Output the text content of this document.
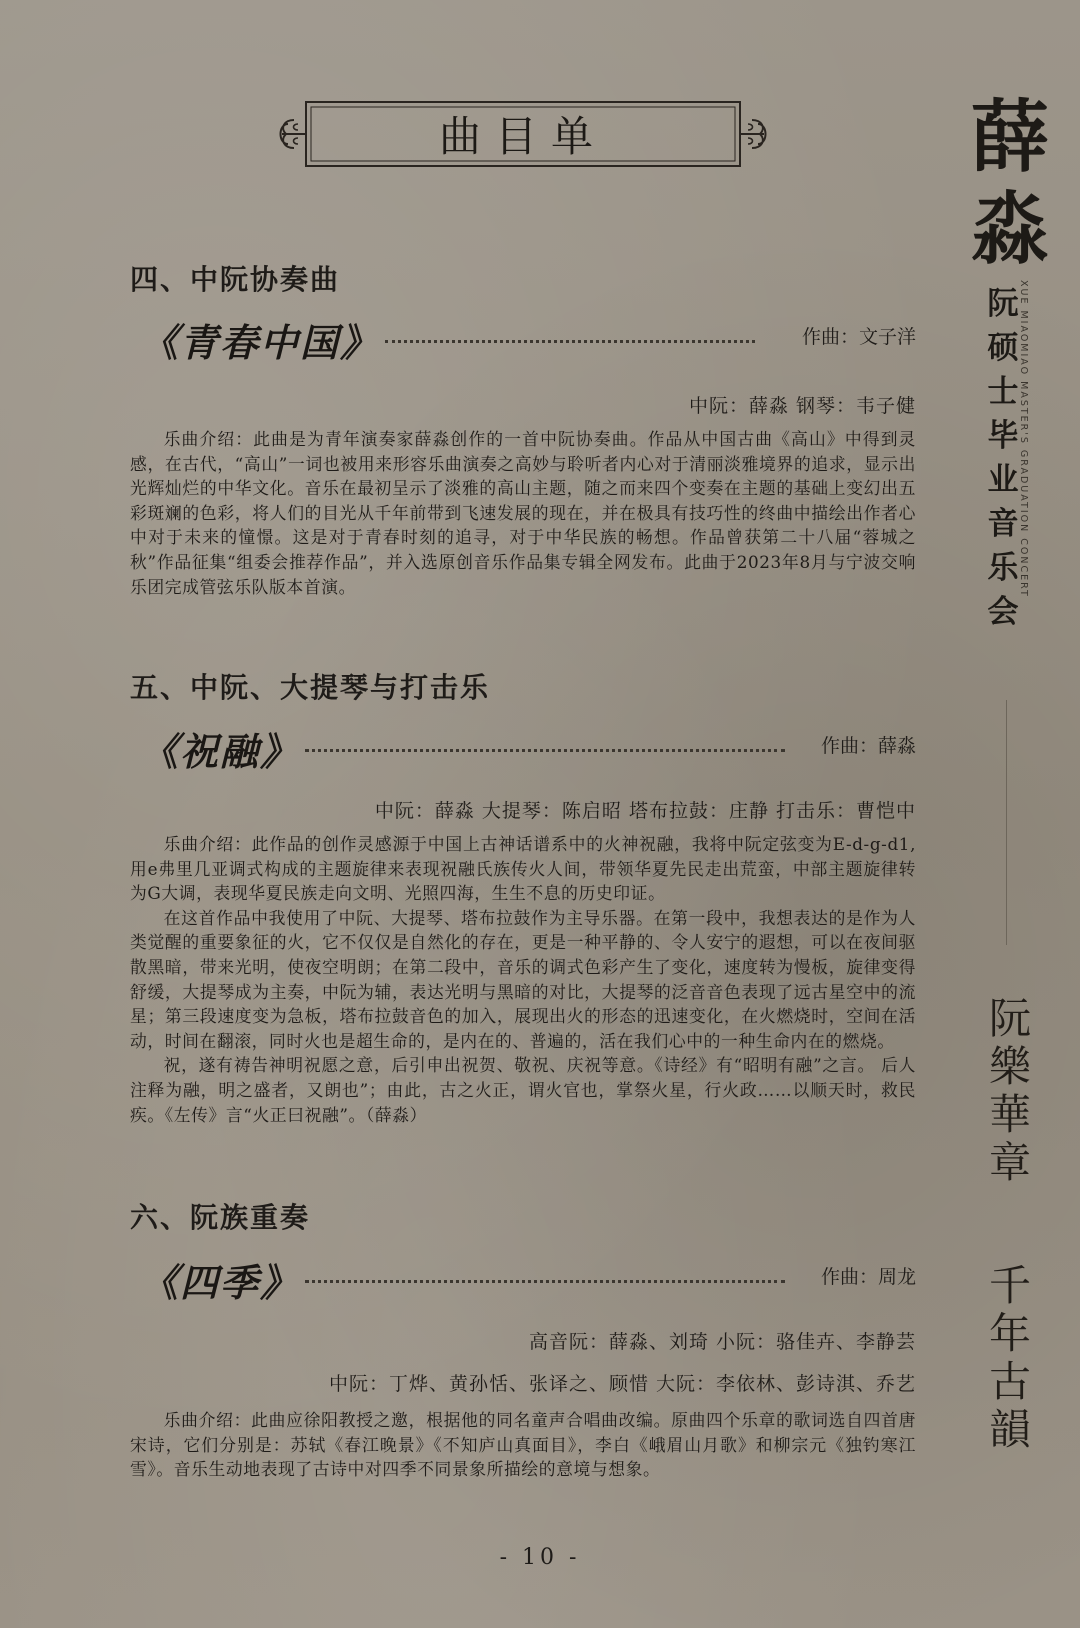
曲目单	薛
淼
阮
硕
士
毕
业
音
乐
会
XUE MIAOMIAO MASTER'S GRADUATION CONCERT
阮
樂
華
章
千
年
古
韻
四、中阮协奏曲
《青春中国》	作曲：文子洋
中阮：薛淼 钢琴：韦子健

乐曲介绍：此曲是为青年演奏家薛淼创作的一首中阮协奏曲。作品从中国古曲《高山》中得到灵感，在古代，“高山”一词也被用来形容乐曲演奏之高妙与聆听者内心对于清丽淡雅境界的追求，显示出光辉灿烂的中华文化。音乐在最初呈示了淡雅的高山主题，随之而来四个变奏在主题的基础上变幻出五彩斑斓的色彩，将人们的目光从千年前带到飞速发展的现在，并在极具有技巧性的终曲中描绘出作者心中对于未来的憧憬。这是对于青春时刻的追寻，对于中华民族的畅想。作品曾获第二十八届“蓉城之秋”作品征集“组委会推荐作品”，并入选原创音乐作品集专辑全网发布。此曲于2023年8月与宁波交响乐团完成管弦乐队版本首演。

五、中阮、大提琴与打击乐
《祝融》	作曲：薛淼
中阮：薛淼 大提琴：陈启昭 塔布拉鼓：庄静 打击乐：曹恺中

乐曲介绍：此作品的创作灵感源于中国上古神话谱系中的火神祝融，我将中阮定弦变为E-d-g-d1,用e弗里几亚调式构成的主题旋律来表现祝融氏族传火人间，带领华夏先民走出荒蛮，中部主题旋律转为G大调，表现华夏民族走向文明、光照四海，生生不息的历史印证。

在这首作品中我使用了中阮、大提琴、塔布拉鼓作为主导乐器。在第一段中，我想表达的是作为人类觉醒的重要象征的火，它不仅仅是自然化的存在，更是一种平静的、令人安宁的遐想，可以在夜间驱散黑暗，带来光明，使夜空明朗；在第二段中，音乐的调式色彩产生了变化，速度转为慢板，旋律变得舒缓，大提琴成为主奏，中阮为辅，表达光明与黑暗的对比，大提琴的泛音音色表现了远古星空中的流星；第三段速度变为急板，塔布拉鼓音色的加入，展现出火的形态的迅速变化，在火燃烧时，空间在活动，时间在翻滚，同时火也是超生命的，是内在的、普遍的，活在我们心中的一种生命内在的燃烧。

祝，遂有祷告神明祝愿之意，后引申出祝贺、敬祝、庆祝等意。《诗经》有“昭明有融”之言。 后人注释为融，明之盛者，又朗也”；由此，古之火正，谓火官也，掌祭火星，行火政……以顺天时，救民疾。《左传》言“火正曰祝融”。（薛淼）

六、阮族重奏
《四季》	作曲：周龙
高音阮：薛淼、刘琦 小阮：骆佳卉、李静芸
中阮：丁烨、黄孙恬、张译之、顾惜 大阮：李依林、彭诗淇、乔艺

乐曲介绍：此曲应徐阳教授之邀，根据他的同名童声合唱曲改编。原曲四个乐章的歌词选自四首唐宋诗，它们分别是：苏轼《春江晚景》《不知庐山真面目》，李白《峨眉山月歌》和柳宗元《独钓寒江雪》。音乐生动地表现了古诗中对四季不同景象所描绘的意境与想象。

- 10 -
